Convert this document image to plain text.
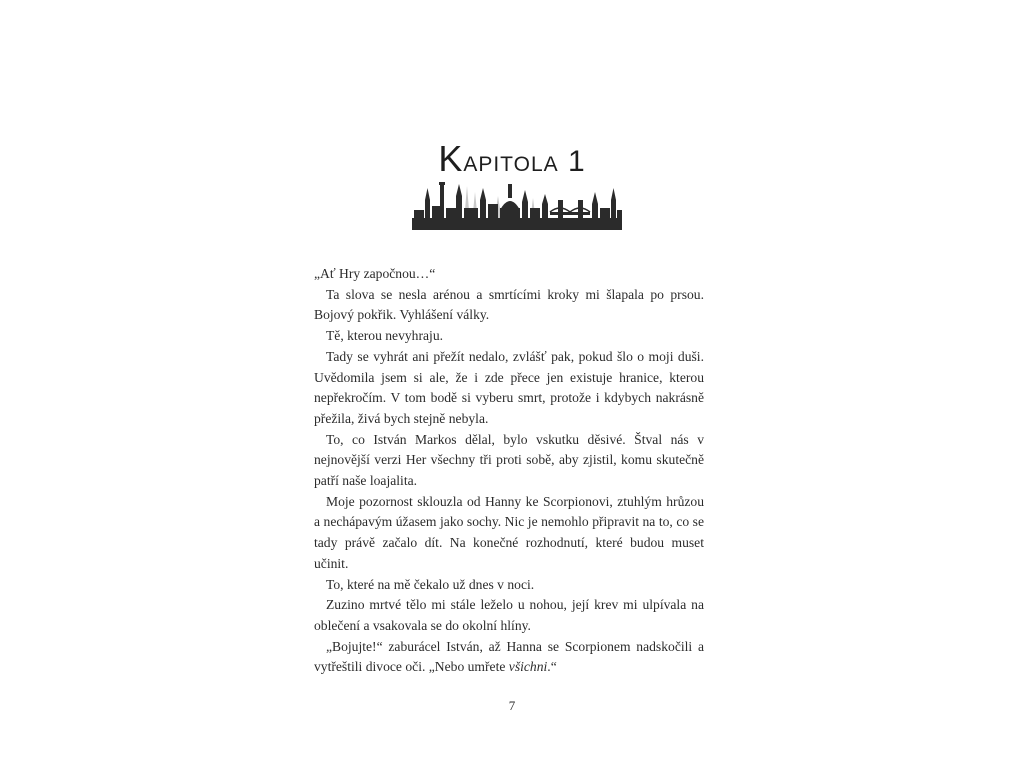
Kapitola 1

„Ať Hry započnou…“

Ta slova se nesla arénou a smrtícími kroky mi šlapala po prsou. Bojový pokřik. Vyhlášení války.

Tě, kterou nevyhraju.

Tady se vyhrát ani přežít nedalo, zvlášť pak, pokud šlo o moji duši. Uvědomila jsem si ale, že i zde přece jen existuje hranice, kterou nepřekročím. V tom bodě si vyberu smrt, protože i kdybych nakrásně přežila, živá bych stejně nebyla.

To, co István Markos dělal, bylo vskutku děsivé. Štval nás v nejnovější verzi Her všechny tři proti sobě, aby zjistil, komu skutečně patří naše loajalita.

Moje pozornost sklouzla od Hanny ke Scorpionovi, ztuhlým hrůzou a nechápavým úžasem jako sochy. Nic je nemohlo připravit na to, co se tady právě začalo dít. Na konečné rozhodnutí, které budou muset učinit.

To, které na mě čekalo už dnes v noci.

Zuzino mrtvé tělo mi stále leželo u nohou, její krev mi ulpívala na oblečení a vsakovala se do okolní hlíny.

„Bojujte!“ zaburácel István, až Hanna se Scorpionem nadskočili a vytřeštili divoce oči. „Nebo umřete všichni.“

7
